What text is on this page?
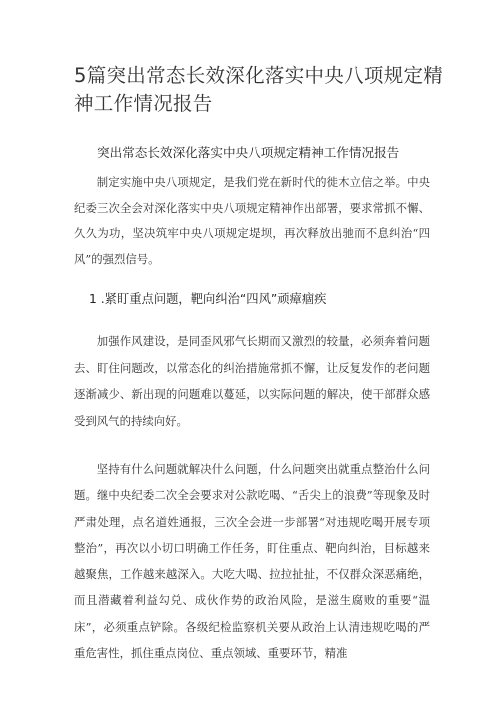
5篇突出常态长效深化落实中央八项规定精神工作情况报告
突出常态长效深化落实中央八项规定精神工作情况报告

制定实施中央八项规定，是我们党在新时代的徙木立信之举。中央纪委三次全会对深化落实中央八项规定精神作出部署，要求常抓不懈、久久为功，坚决筑牢中央八项规定堤坝，再次释放出驰而不息纠治“四风”的强烈信号。

1 .紧盯重点问题，靶向纠治“四风”顽瘴痼疾

加强作风建设，是同歪风邪气长期而又激烈的较量，必须奔着问题去、盯住问题改，以常态化的纠治措施常抓不懈，让反复发作的老问题逐渐减少、新出现的问题难以蔓延，以实际问题的解决，使干部群众感受到风气的持续向好。

坚持有什么问题就解决什么问题，什么问题突出就重点整治什么问题。继中央纪委二次全会要求对公款吃喝、“舌尖上的浪费”等现象及时严肃处理，点名道姓通报，三次全会进一步部署“对违规吃喝开展专项整治”，再次以小切口明确工作任务，盯住重点、靶向纠治，目标越来越聚焦，工作越来越深入。大吃大喝、拉拉扯扯，不仅群众深恶痛绝，而且潜藏着利益勾兑、成伙作势的政治风险，是滋生腐败的重要“温床”，必须重点铲除。各级纪检监察机关要从政治上认清违规吃喝的严重危害性，抓住重点岗位、重点领域、重要环节，精准
